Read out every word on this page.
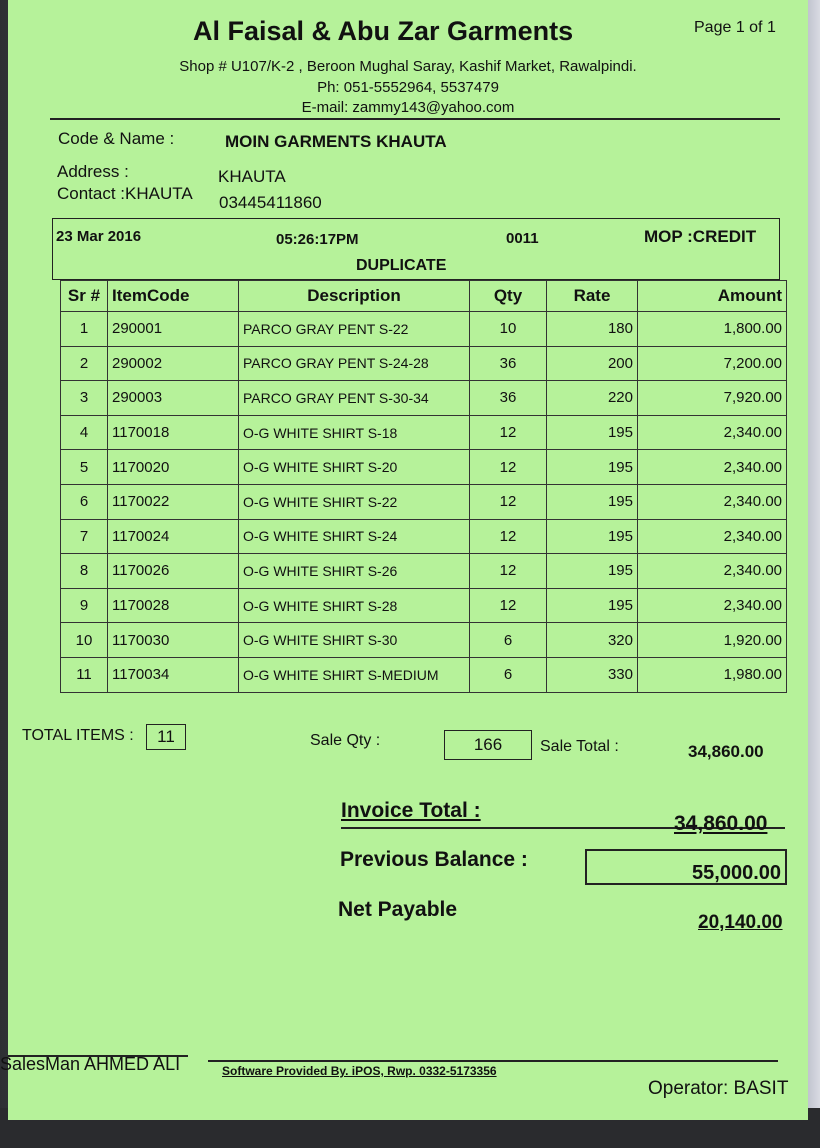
Al Faisal & Abu Zar Garments	Page 1 of 1
Shop # U107/K-2 , Beroon Mughal Saray, Kashif Market, Rawalpindi.
Ph: 051-5552964, 5537479
E-mail: zammy143@yahoo.com
Code & Name :	MOIN GARMENTS KHAUTA
Address :	KHAUTA
Contact :KHAUTA 03445411860
23 Mar 2016	05:26:17PM	0011	MOP :CREDIT
DUPLICATE
Sr #	ItemCode	Description	Qty	Rate	Amount
1	290001	PARCO GRAY PENT S-22	10	180	1,800.00
2	290002	PARCO GRAY PENT S-24-28	36	200	7,200.00
3	290003	PARCO GRAY PENT S-30-34	36	220	7,920.00
4	1170018	O-G WHITE SHIRT S-18	12	195	2,340.00
5	1170020	O-G WHITE SHIRT S-20	12	195	2,340.00
6	1170022	O-G WHITE SHIRT S-22	12	195	2,340.00
7	1170024	O-G WHITE SHIRT S-24	12	195	2,340.00
8	1170026	O-G WHITE SHIRT S-26	12	195	2,340.00
9	1170028	O-G WHITE SHIRT S-28	12	195	2,340.00
10	1170030	O-G WHITE SHIRT S-30	6	320	1,920.00
11	1170034	O-G WHITE SHIRT S-MEDIUM	6	330	1,980.00
TOTAL ITEMS :	11	Sale Qty :	166	Sale Total :	34,860.00
Invoice Total :
34,860.00
Previous Balance :
55,000.00
Net Payable
20,140.00
SalesMan AHMED ALI	Software Provided By. iPOS, Rwp. 0332-5173356
Operator: BASIT
